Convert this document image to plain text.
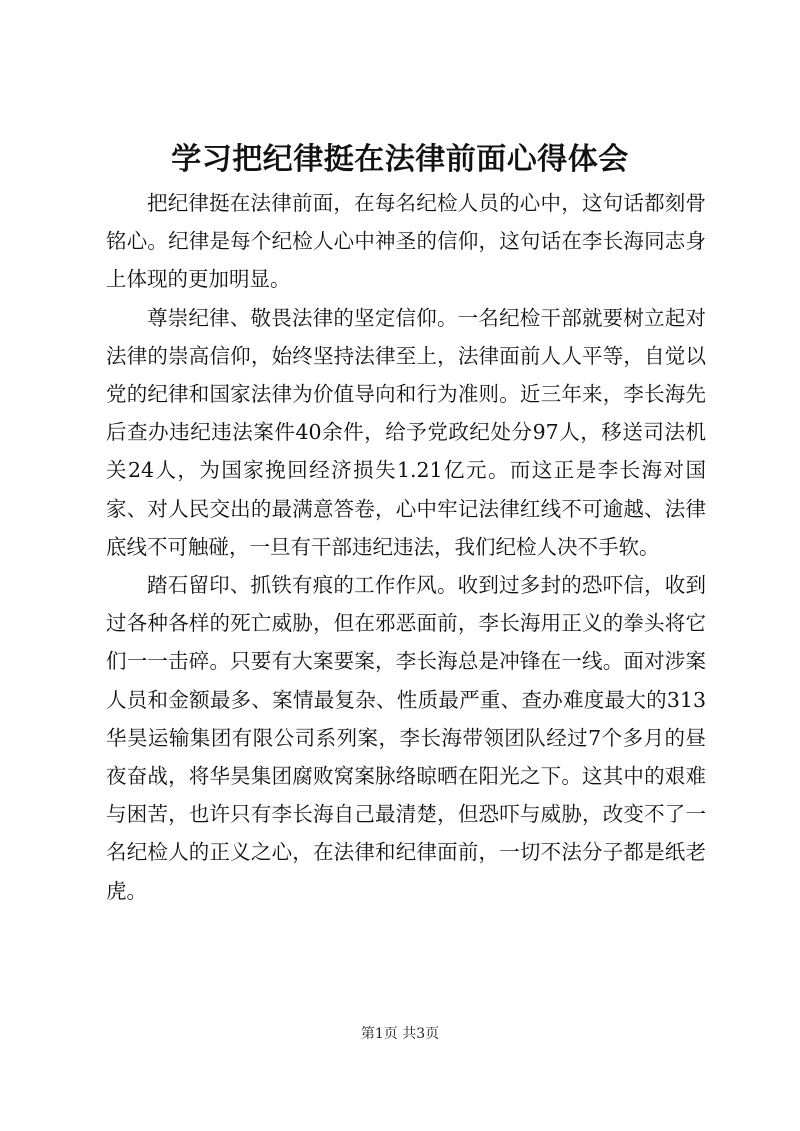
学习把纪律挺在法律前面心得体会

把纪律挺在法律前面，在每名纪检人员的心中，这句话都刻骨铭心。纪律是每个纪检人心中神圣的信仰，这句话在李长海同志身上体现的更加明显。

尊崇纪律、敬畏法律的坚定信仰。一名纪检干部就要树立起对法律的崇高信仰，始终坚持法律至上，法律面前人人平等，自觉以党的纪律和国家法律为价值导向和行为准则。近三年来，李长海先后查办违纪违法案件40余件，给予党政纪处分97人，移送司法机关24人，为国家挽回经济损失1.21亿元。而这正是李长海对国家、对人民交出的最满意答卷，心中牢记法律红线不可逾越、法律底线不可触碰，一旦有干部违纪违法，我们纪检人决不手软。

踏石留印、抓铁有痕的工作作风。收到过多封的恐吓信，收到过各种各样的死亡威胁，但在邪恶面前，李长海用正义的拳头将它们一一击碎。只要有大案要案，李长海总是冲锋在一线。面对涉案人员和金额最多、案情最复杂、性质最严重、查办难度最大的313华昊运输集团有限公司系列案，李长海带领团队经过7个多月的昼夜奋战，将华昊集团腐败窝案脉络晾晒在阳光之下。这其中的艰难与困苦，也许只有李长海自己最清楚，但恐吓与威胁，改变不了一名纪检人的正义之心，在法律和纪律面前，一切不法分子都是纸老虎。

第1页 共3页
